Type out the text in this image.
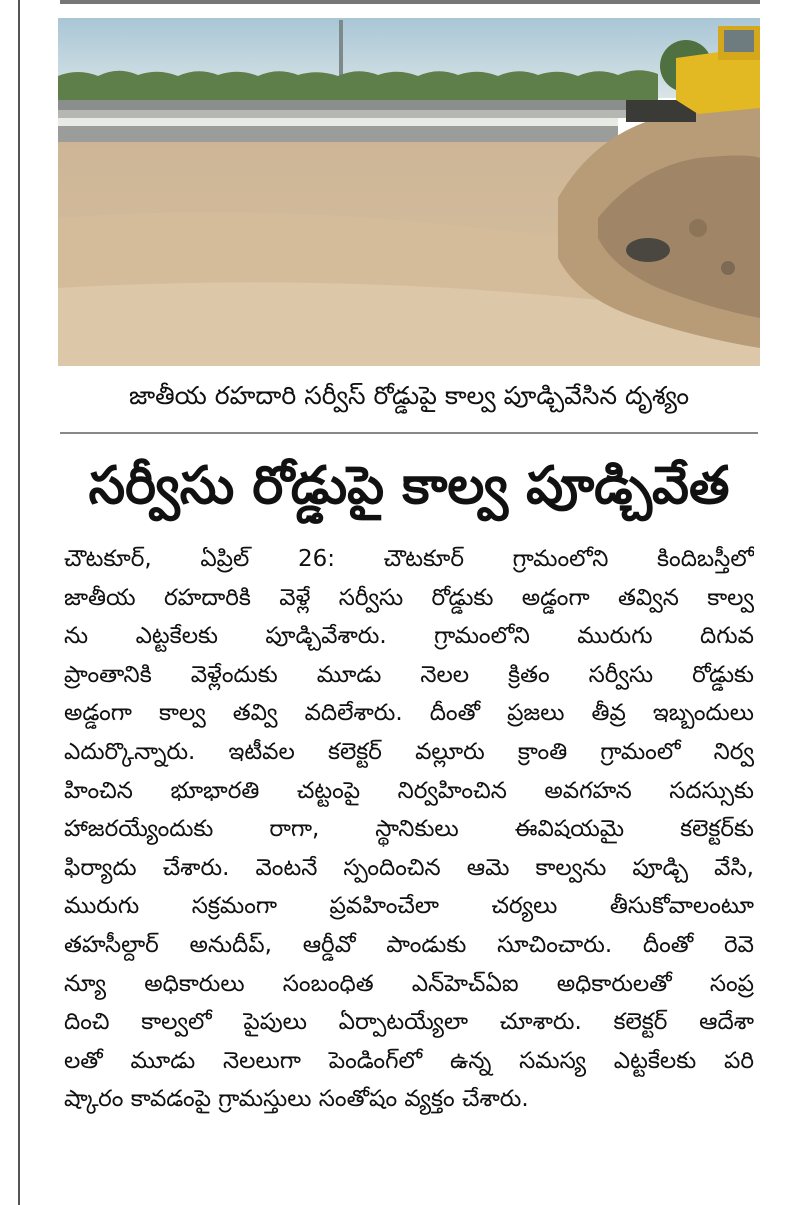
జాతీయ రహదారి సర్వీస్ రోడ్డుపై కాల్వ పూడ్చివేసిన దృశ్యం
సర్వీసు రోడ్డుపై కాల్వ పూడ్చివేత
చౌటకూర్, ఏప్రిల్ 26: చౌటకూర్ గ్రామంలోని కిందిబస్తీలో
జాతీయ రహదారికి వెళ్లే సర్వీసు రోడ్డుకు అడ్డంగా తవ్విన కాల్వ
ను ఎట్టకేలకు పూడ్చివేశారు. గ్రామంలోని మురుగు దిగువ
ప్రాంతానికి వెళ్లేందుకు మూడు నెలల క్రితం సర్వీసు రోడ్డుకు
అడ్డంగా కాల్వ తవ్వి వదిలేశారు. దీంతో ప్రజలు తీవ్ర ఇబ్బందులు
ఎదుర్కొన్నారు. ఇటీవల కలెక్టర్ వల్లూరు క్రాంతి గ్రామంలో నిర్వ
హించిన భూభారతి చట్టంపై నిర్వహించిన అవగహన సదస్సుకు
హాజరయ్యేందుకు రాగా, స్థానికులు ఈవిషయమై కలెక్టర్‌కు
ఫిర్యాదు చేశారు. వెంటనే స్పందించిన ఆమె కాల్వను పూడ్చి వేసి,
మురుగు సక్రమంగా ప్రవహించేలా చర్యలు తీసుకోవాలంటూ
తహసీల్దార్ అనుదీప్, ఆర్డీవో పాండుకు సూచించారు. దీంతో రెవె
న్యూ అధికారులు సంబంధిత ఎన్‌హెచ్ఏఐ అధికారులతో సంప్ర
దించి కాల్వలో పైపులు ఏర్పాటయ్యేలా చూశారు. కలెక్టర్ ఆదేశా
లతో మూడు నెలలుగా పెండింగ్‌లో ఉన్న సమస్య ఎట్టకేలకు పరి
ష్కారం కావడంపై గ్రామస్తులు సంతోషం వ్యక్తం చేశారు.
